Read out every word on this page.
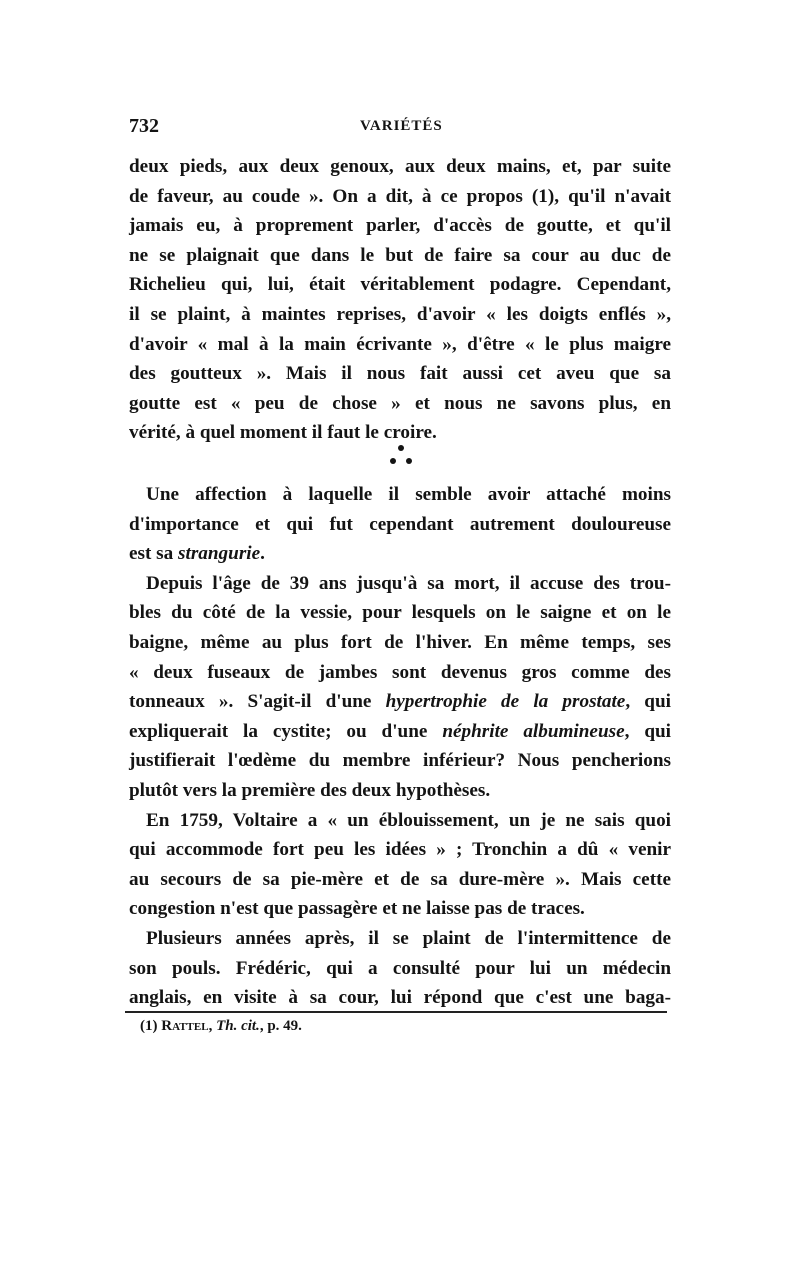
732	VARIÉTÉS
deux pieds, aux deux genoux, aux deux mains, et, par suite
de faveur, au coude ». On a dit, à ce propos (1), qu'il n'avait
jamais eu, à proprement parler, d'accès de goutte, et qu'il
ne se plaignait que dans le but de faire sa cour au duc de
Richelieu qui, lui, était véritablement podagre. Cependant,
il se plaint, à maintes reprises, d'avoir « les doigts enflés »,
d'avoir « mal à la main écrivante », d'être « le plus maigre
des goutteux ». Mais il nous fait aussi cet aveu que sa
goutte est « peu de chose » et nous ne savons plus, en
vérité, à quel moment il faut le croire.
Une affection à laquelle il semble avoir attaché moins
d'importance et qui fut cependant autrement douloureuse
est sa strangurie.
Depuis l'âge de 39 ans jusqu'à sa mort, il accuse des trou-
bles du côté de la vessie, pour lesquels on le saigne et on le
baigne, même au plus fort de l'hiver. En même temps, ses
« deux fuseaux de jambes sont devenus gros comme des
tonneaux ». S'agit-il d'une hypertrophie de la prostate, qui
expliquerait la cystite; ou d'une néphrite albumineuse, qui
justifierait l'œdème du membre inférieur? Nous pencherions
plutôt vers la première des deux hypothèses.
En 1759, Voltaire a « un éblouissement, un je ne sais quoi
qui accommode fort peu les idées » ; Tronchin a dû « venir
au secours de sa pie-mère et de sa dure-mère ». Mais cette
congestion n'est que passagère et ne laisse pas de traces.
Plusieurs années après, il se plaint de l'intermittence de
son pouls. Frédéric, qui a consulté pour lui un médecin
anglais, en visite à sa cour, lui répond que c'est une baga-
(1) Rattel, Th. cit., p. 49.
